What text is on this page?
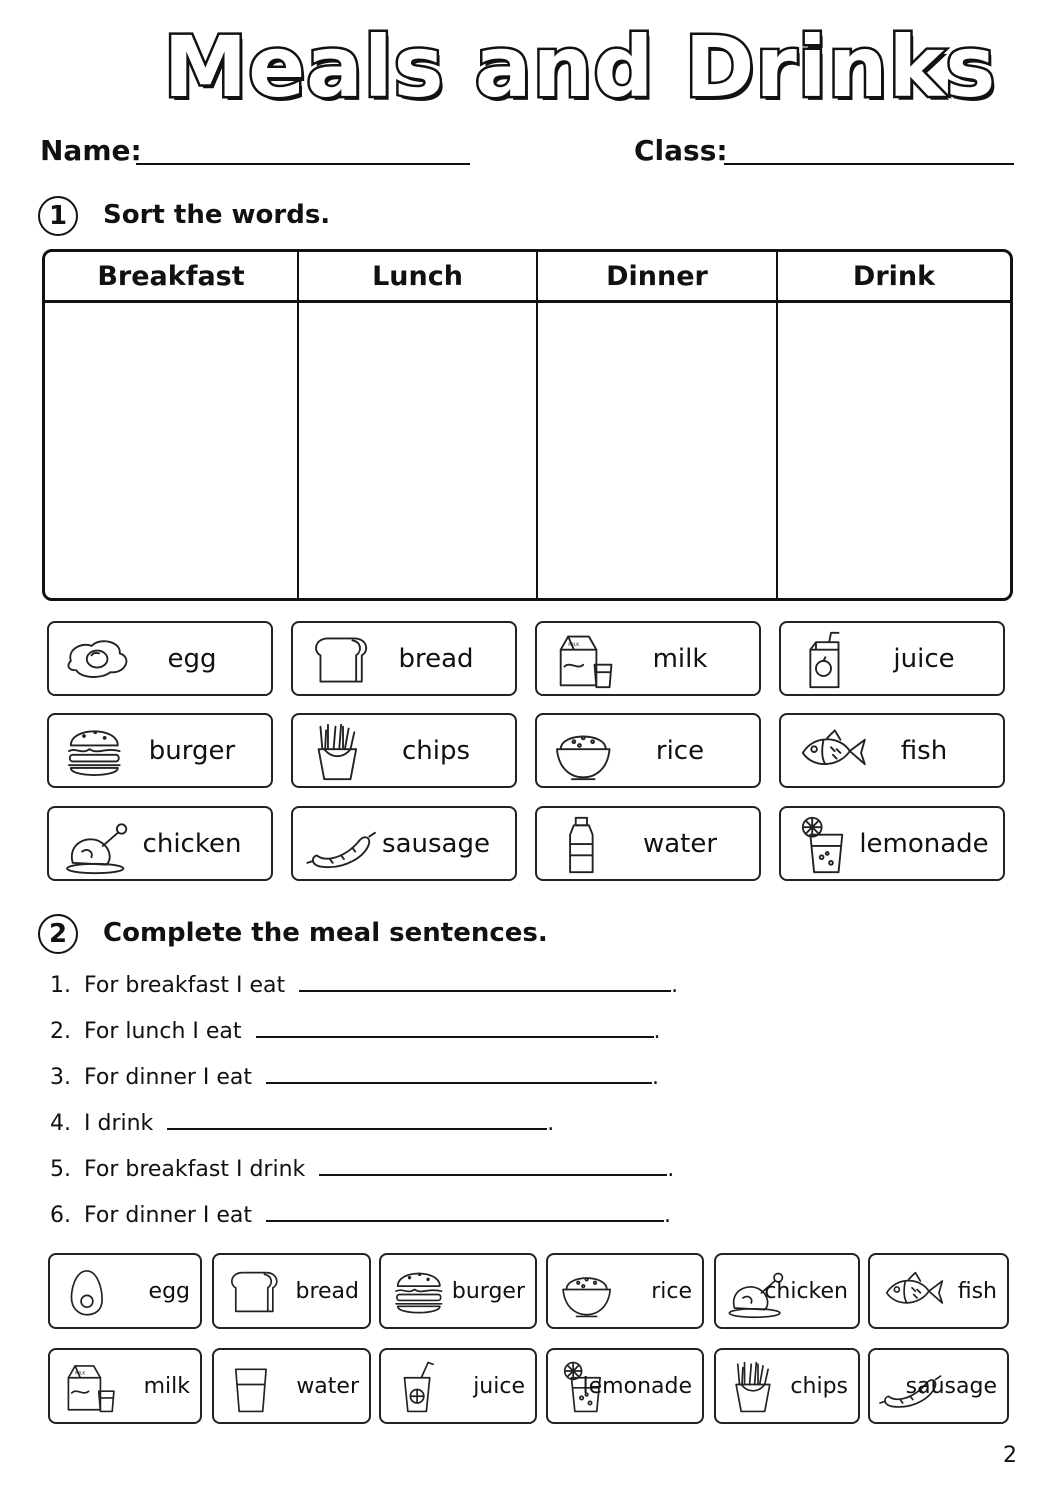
Meals and Drinks
Name:	Class:
1	Sort the words.
Breakfast	Lunch	Dinner	Drink

egg	bread	MILK	milk	juice
burger	chips	rice	fish
chicken	sausage	water	lemonade
2	Complete the meal sentences.
1. For breakfast I eat	.
2. For lunch I eat	.
3. For dinner I eat	.
4. I drink	.
5. For breakfast I drink	.
6. For dinner I eat	.
egg	bread	burger	rice	chicken	fish
MILK
milk	water	juice	lemonade	chips	sausage
2
